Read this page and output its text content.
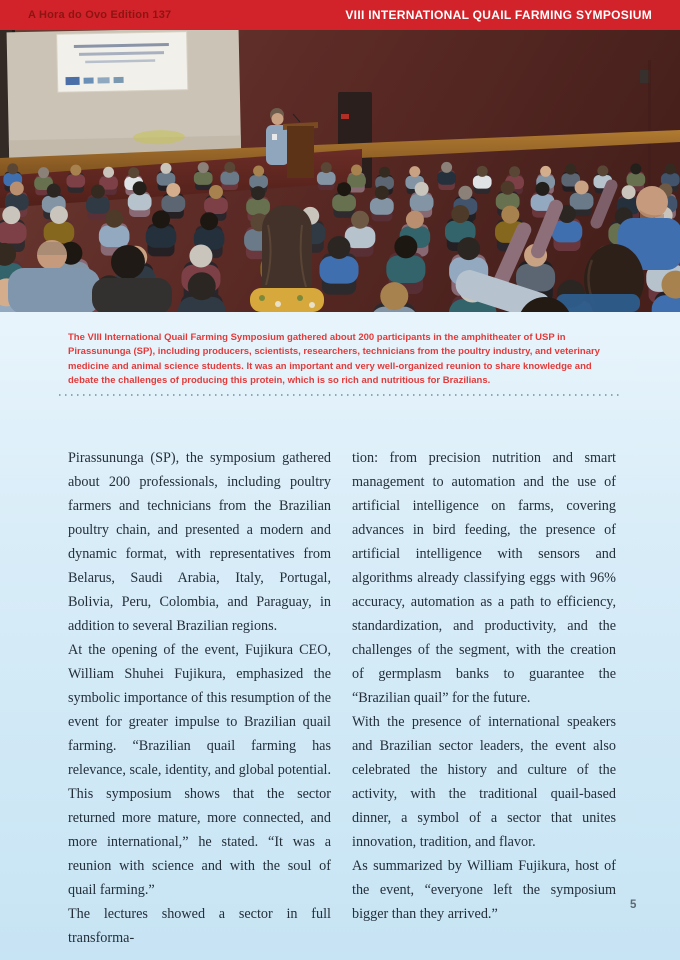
A Hora do Ovo Edition 137	VIII INTERNATIONAL QUAIL FARMING SYMPOSIUM

The VIII International Quail Farming Symposium gathered about 200 participants in the amphitheater of USP in Pirassununga (SP), including producers, scientists, researchers, technicians from the poultry industry, and veterinary medicine and animal science students. It was an important and very well-organized reunion to share knowledge and debate the challenges of producing this protein, which is so rich and nutritious for Brazilians.

Pirassununga (SP), the symposium gathered about 200 professionals, including poultry farmers and technicians from the Brazilian poultry chain, and presented a modern and dynamic format, with representatives from Belarus, Saudi Arabia, Italy, Portugal, Bolivia, Peru, Colombia, and Paraguay, in addition to several Brazilian regions.

At the opening of the event, Fujikura CEO, William Shuhei Fujikura, emphasized the symbolic importance of this resumption of the event for greater impulse to Brazilian quail farming. “Brazilian quail farming has relevance, scale, identity, and global potential. This symposium shows that the sector returned more mature, more connected, and more international,” he stated. “It was a reunion with science and with the soul of quail farming.”

The lectures showed a sector in full transforma-

tion: from precision nutrition and smart management to automation and the use of artificial intelligence on farms, covering advances in bird feeding, the presence of artificial intelligence with sensors and algorithms already classifying eggs with 96% accuracy, automation as a path to efficiency, standardization, and productivity, and the challenges of the segment, with the creation of germplasm banks to guarantee the “Brazilian quail” for the future.

With the presence of international speakers and Brazilian sector leaders, the event also celebrated the history and culture of the activity, with the traditional quail-based dinner, a symbol of a sector that unites innovation, tradition, and flavor.

As summarized by William Fujikura, host of the event, “everyone left the symposium bigger than they arrived.”

5
